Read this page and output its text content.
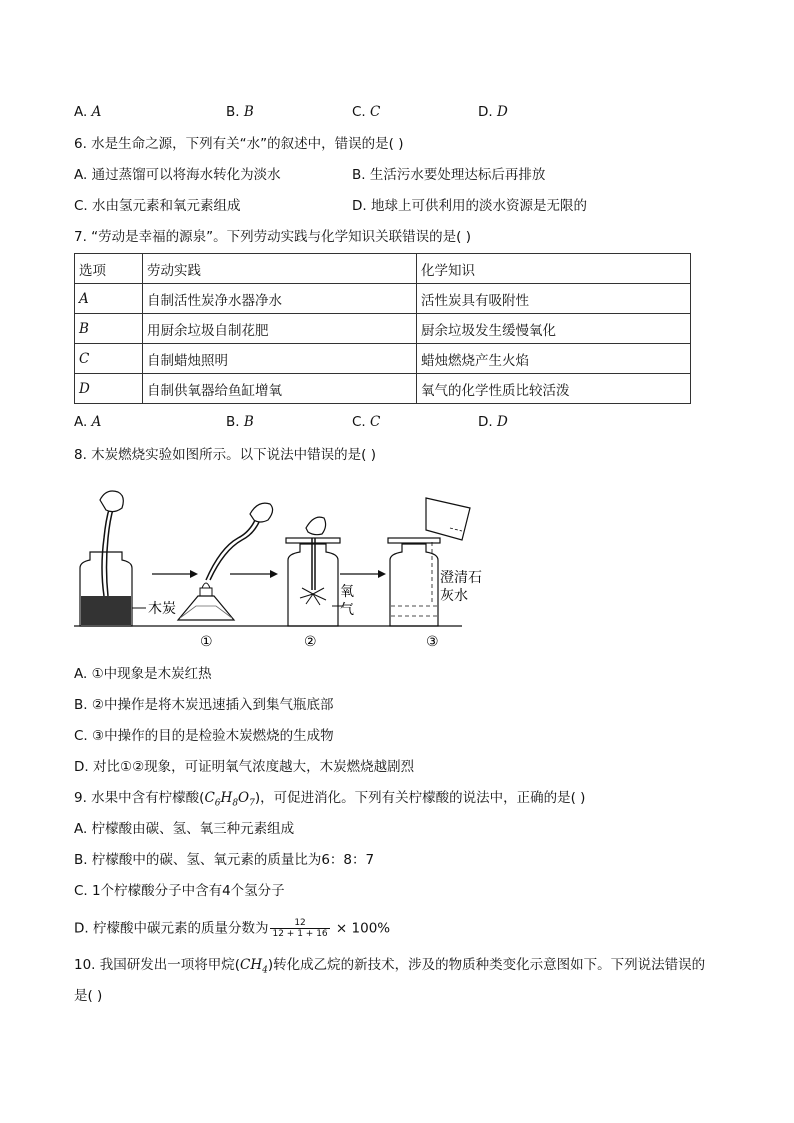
A. A	B. B	C. C	D. D
6. 水是生命之源，下列有关“水”的叙述中，错误的是( )
A. 通过蒸馏可以将海水转化为淡水	B. 生活污水要处理达标后再排放
C. 水由氢元素和氧元素组成	D. 地球上可供利用的淡水资源是无限的
7. “劳动是幸福的源泉”。下列劳动实践与化学知识关联错误的是( )
选项	劳动实践	化学知识
A	自制活性炭净水器净水	活性炭具有吸附性
B	用厨余垃圾自制花肥	厨余垃圾发生缓慢氧化
C	自制蜡烛照明	蜡烛燃烧产生火焰
D	自制供氧器给鱼缸增氧	氧气的化学性质比较活泼
A. A	B. B	C. C	D. D
8. 木炭燃烧实验如图所示。以下说法中错误的是( )
木炭
①
氧
气
②
澄清石
灰水
③
A. ①中现象是木炭红热
B. ②中操作是将木炭迅速插入到集气瓶底部
C. ③中操作的目的是检验木炭燃烧的生成物
D. 对比①②现象，可证明氧气浓度越大，木炭燃烧越剧烈
9. 水果中含有柠檬酸$(C_6H_8O_7)$，可促进消化。下列有关柠檬酸的说法中，正确的是( )
A. 柠檬酸由碳、氢、氧三种元素组成
B. 柠檬酸中的碳、氢、氧元素的质量比为6：8：7
C. 1个柠檬酸分子中含有4个氢分子
D. 柠檬酸中碳元素的质量分数为 $\frac{12}{12 + 1 + 16} \times 100\%$
10. 我国研发出一项将甲烷$(CH_4)$转化成乙烷的新技术，涉及的物质种类变化示意图如下。下列说法错误的
是( )
